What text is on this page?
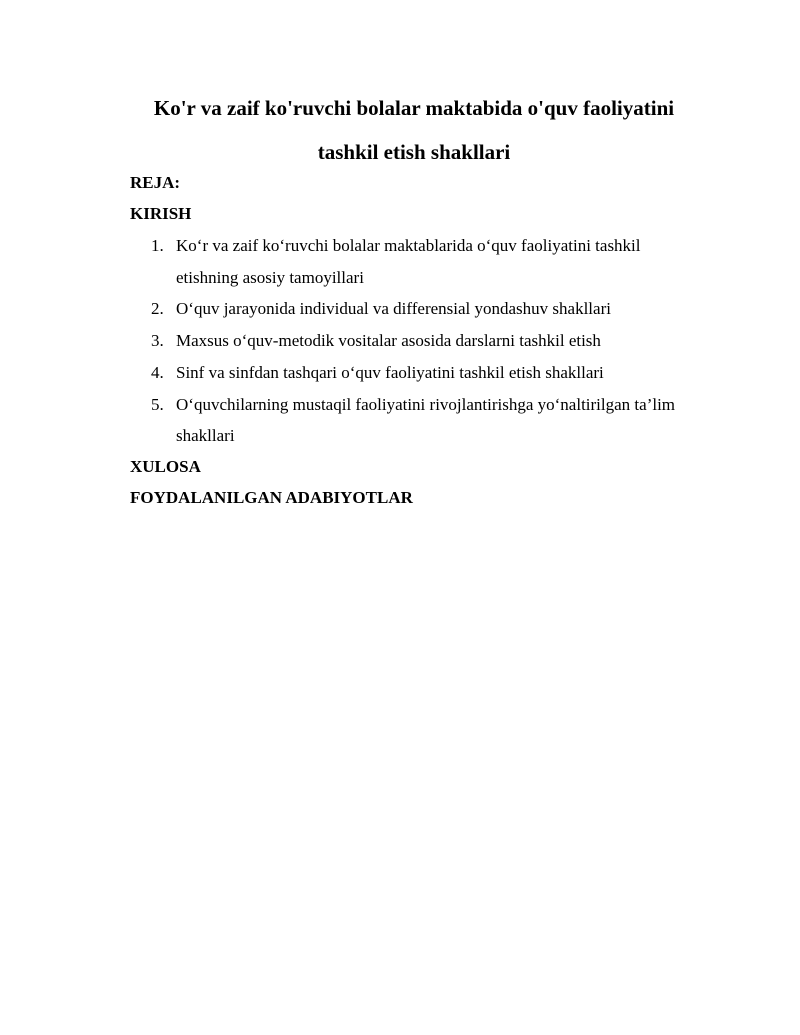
Ko'r va zaif ko'ruvchi bolalar maktabida o'quv faoliyatini
tashkil etish shakllari

REJA:

KIRISH

1. Ko‘r va zaif ko‘ruvchi bolalar maktablarida o‘quv faoliyatini tashkil etishning asosiy tamoyillari
2. O‘quv jarayonida individual va differensial yondashuv shakllari
3. Maxsus o‘quv-metodik vositalar asosida darslarni tashkil etish
4. Sinf va sinfdan tashqari o‘quv faoliyatini tashkil etish shakllari
5. O‘quvchilarning mustaqil faoliyatini rivojlantirishga yo‘naltirilgan ta’lim shakllari

XULOSA

FOYDALANILGAN ADABIYOTLAR
